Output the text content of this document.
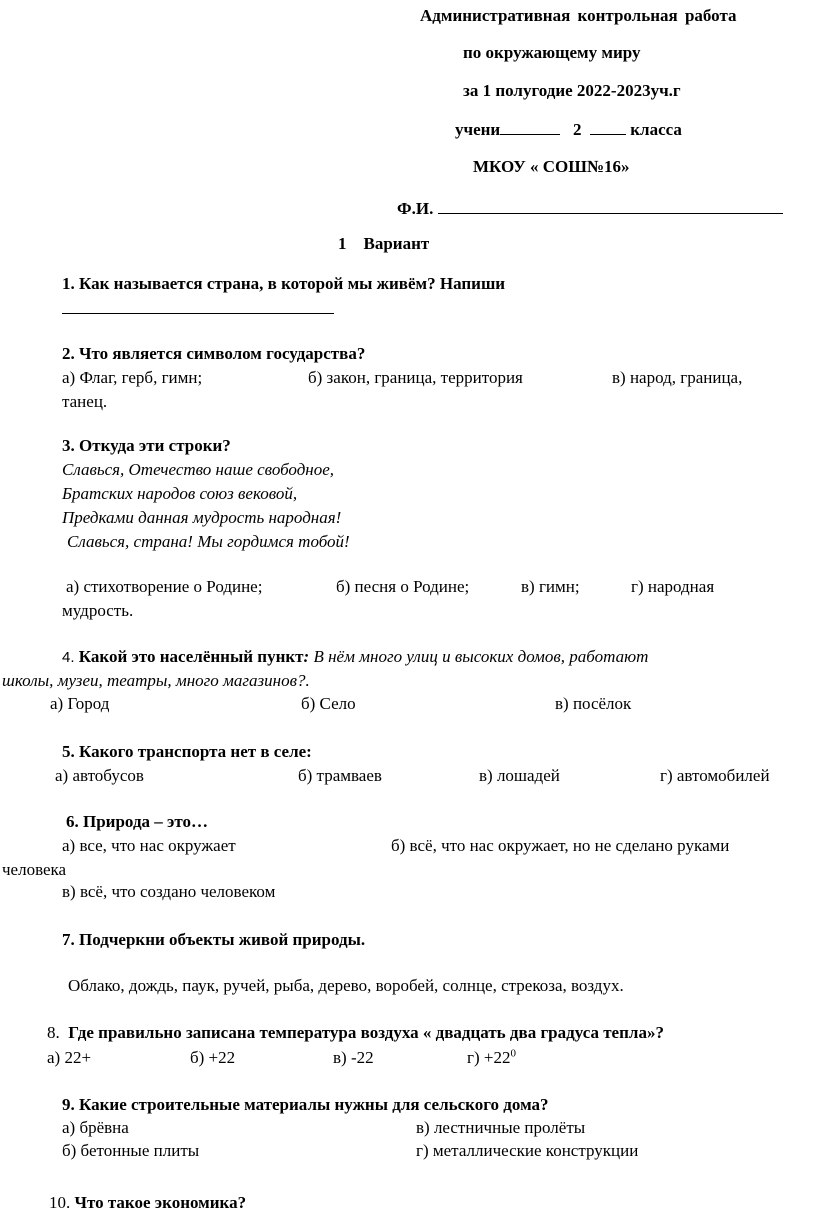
Административная контрольная работа
по окружающему миру
за 1 полугодие 2022-2023уч.г
учени	2	класса
МКОУ « СОШ№16»
Ф.И.
1 Вариант
1. Как называется страна, в которой мы живём? Напиши
2. Что является символом государства?
а) Флаг, герб, гимн;	б) закон, граница, территория	в) народ, граница,
танец.
3. Откуда эти строки?
Славься, Отечество наше свободное,
Братских народов союз вековой,
Предками данная мудрость народная!
Славься, страна! Мы гордимся тобой!
а) стихотворение о Родине;	б) песня о Родине;	в) гимн;	г) народная
мудрость.
4. Какой это населённый пункт: В нём много улиц и высоких домов, работают
школы, музеи, театры, много магазинов?.
а) Город	б) Село	в) посёлок
5. Какого транспорта нет в селе:
а) автобусов	б) трамваев	в) лошадей	г) автомобилей
6. Природа – это…
а) все, что нас окружает	б) всё, что нас окружает, но не сделано руками
человека
в) всё, что создано человеком
7. Подчеркни объекты живой природы.
Облако, дождь, паук, ручей, рыба, дерево, воробей, солнце, стрекоза, воздух.
8. Где правильно записана температура воздуха « двадцать два градуса тепла»?
а) 22+	б) +22	в) -22	$г) +22^0$
9. Какие строительные материалы нужны для сельского дома?
а) брёвна	в) лестничные пролёты
б) бетонные плиты	г) металлические конструкции
10. Что такое экономика?
